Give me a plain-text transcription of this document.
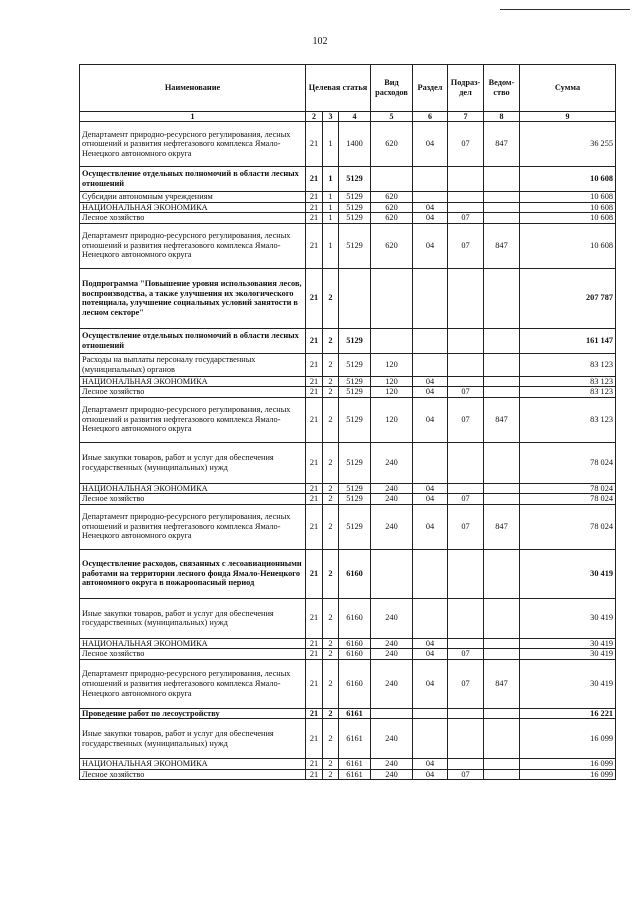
102
Наименование	Целевая статья			Вид расходов	Раздел	Подраз-дел	Ведом-ство	Сумма
1	2	3	4	5	6	7	8	9
Департамент природно-ресурсного регулирования, лесных отношений и развития нефтегазового комплекса Ямало-Ненецкого автономного округа	21	1	1400	620	04	07	847	36 255
Осуществление отдельных полномочий в области лесных отношений	21	1	5129					10 608
Субсидии автономным учреждениям	21	1	5129	620				10 608
НАЦИОНАЛЬНАЯ ЭКОНОМИКА	21	1	5129	620	04			10 608
Лесное хозяйство	21	1	5129	620	04	07		10 608
Департамент природно-ресурсного регулирования, лесных отношений и развития нефтегазового комплекса Ямало-Ненецкого автономного округа	21	1	5129	620	04	07	847	10 608
Подпрограмма "Повышение уровня использования лесов, воспроизводства, а также улучшения их экологического потенциала, улучшение социальных условий занятости в лесном секторе"	21	2						207 787
Осуществление отдельных полномочий в области лесных отношений	21	2	5129					161 147
Расходы на выплаты персоналу государственных (муниципальных) органов	21	2	5129	120				83 123
НАЦИОНАЛЬНАЯ ЭКОНОМИКА	21	2	5129	120	04			83 123
Лесное хозяйство	21	2	5129	120	04	07		83 123
Департамент природно-ресурсного регулирования, лесных отношений и развития нефтегазового комплекса Ямало-Ненецкого автономного округа	21	2	5129	120	04	07	847	83 123
Иные закупки товаров, работ и услуг для обеспечения государственных (муниципальных) нужд	21	2	5129	240				78 024
НАЦИОНАЛЬНАЯ ЭКОНОМИКА	21	2	5129	240	04			78 024
Лесное хозяйство	21	2	5129	240	04	07		78 024
Департамент природно-ресурсного регулирования, лесных отношений и развития нефтегазового комплекса Ямало-Ненецкого автономного округа	21	2	5129	240	04	07	847	78 024
Осуществление расходов, связанных с лесоавиационными работами на территории лесного фонда Ямало-Ненецкого автономного округа в пожароопасный период	21	2	6160					30 419
Иные закупки товаров, работ и услуг для обеспечения государственных (муниципальных) нужд	21	2	6160	240				30 419
НАЦИОНАЛЬНАЯ ЭКОНОМИКА	21	2	6160	240	04			30 419
Лесное хозяйство	21	2	6160	240	04	07		30 419
Департамент природно-ресурсного регулирования, лесных отношений и развития нефтегазового комплекса Ямало-Ненецкого автономного округа	21	2	6160	240	04	07	847	30 419
Проведение работ по лесоустройству	21	2	6161					16 221
Иные закупки товаров, работ и услуг для обеспечения государственных (муниципальных) нужд	21	2	6161	240				16 099
НАЦИОНАЛЬНАЯ ЭКОНОМИКА	21	2	6161	240	04			16 099
Лесное хозяйство	21	2	6161	240	04	07		16 099
